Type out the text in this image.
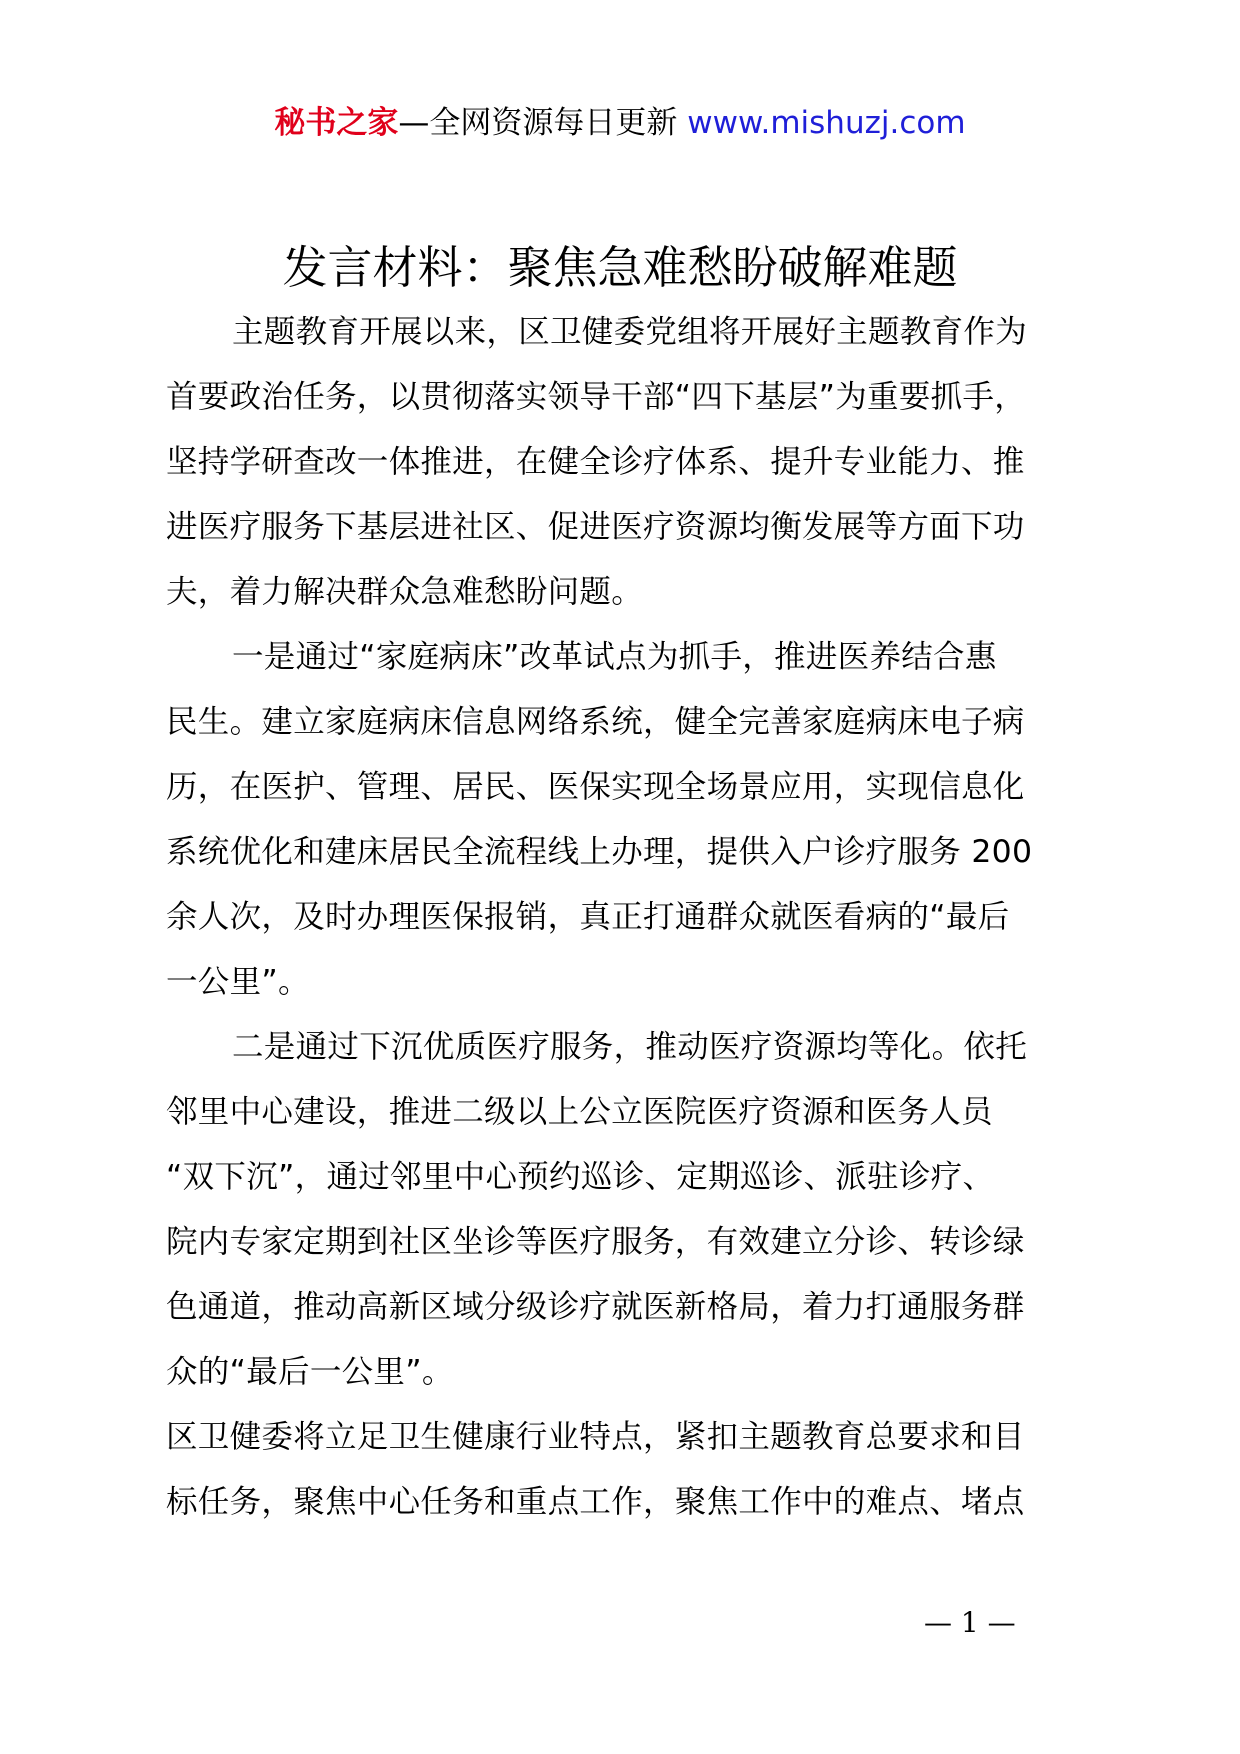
秘书之家—全网资源每日更新 www.mishuzj.com
发言材料：聚焦急难愁盼破解难题
主题教育开展以来，区卫健委党组将开展好主题教育作为
首要政治任务，以贯彻落实领导干部“四下基层”为重要抓手，
坚持学研查改一体推进，在健全诊疗体系、提升专业能力、推
进医疗服务下基层进社区、促进医疗资源均衡发展等方面下功
夫，着力解决群众急难愁盼问题。
一是通过“家庭病床”改革试点为抓手，推进医养结合惠
民生。建立家庭病床信息网络系统，健全完善家庭病床电子病
历，在医护、管理、居民、医保实现全场景应用，实现信息化
系统优化和建床居民全流程线上办理，提供入户诊疗服务 200
余人次，及时办理医保报销，真正打通群众就医看病的“最后
一公里”。
二是通过下沉优质医疗服务，推动医疗资源均等化。依托
邻里中心建设，推进二级以上公立医院医疗资源和医务人员
“双下沉”，通过邻里中心预约巡诊、定期巡诊、派驻诊疗、
院内专家定期到社区坐诊等医疗服务，有效建立分诊、转诊绿
色通道，推动高新区域分级诊疗就医新格局，着力打通服务群
众的“最后一公里”。
区卫健委将立足卫生健康行业特点，紧扣主题教育总要求和目
标任务，聚焦中心任务和重点工作，聚焦工作中的难点、堵点
— 1 —
